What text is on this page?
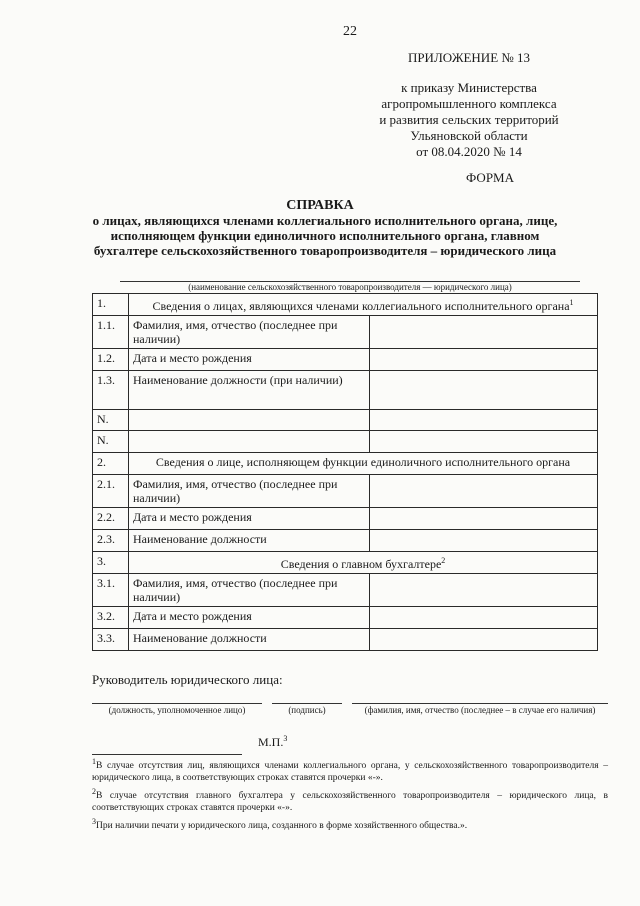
22
ПРИЛОЖЕНИЕ № 13
к приказу Министерства
агропромышленного комплекса
и развития сельских территорий
Ульяновской области
от 08.04.2020 № 14
ФОРМА
СПРАВКА
о лицах, являющихся членами коллегиального исполнительного органа, лице, исполняющем функции единоличного исполнительного органа, главном бухгалтере сельскохозяйственного товаропроизводителя – юридического лица
(наименование сельскохозяйственного товаропроизводителя — юридического лица)
1.	Сведения о лицах, являющихся членами коллегиального исполнительного органа$^1$
1.1.	Фамилия, имя, отчество (последнее при наличии)	
1.2.	Дата и место рождения	
1.3.	Наименование должности (при наличии)	
N.		
N.		
2.	Сведения о лице, исполняющем функции единоличного исполнительного органа	
2.1.	Фамилия, имя, отчество (последнее при наличии)	
2.2.	Дата и место рождения	
2.3.	Наименование должности	
3.	Сведения о главном бухгалтере$^2$
3.1.	Фамилия, имя, отчество (последнее при наличии)	
3.2.	Дата и место рождения	
3.3.	Наименование должности	
Руководитель юридического лица:
(должность, уполномоченное лицо)	(подпись)	(фамилия, имя, отчество (последнее – в случае его наличия)
М.П.$^3$

$^1$В случае отсутствия лиц, являющихся членами коллегиального органа, у сельскохозяйственного товаропроизводителя – юридического лица, в соответствующих строках ставятся прочерки «-».

$^2$В случае отсутствия главного бухгалтера у сельскохозяйственного товаропроизводителя – юридического лица, в соответствующих строках ставятся прочерки «-».

$^3$При наличии печати у юридического лица, созданного в форме хозяйственного общества.».
